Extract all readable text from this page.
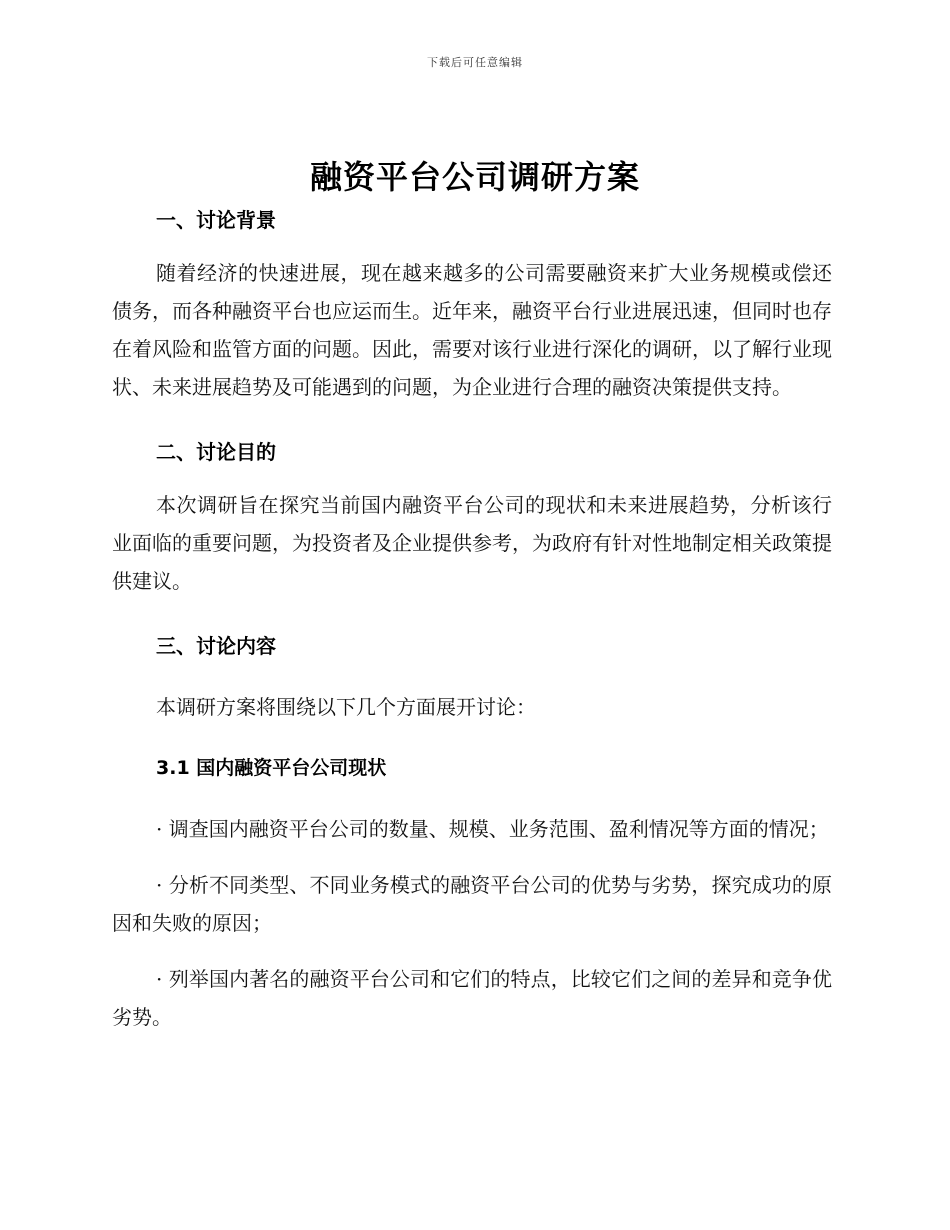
下载后可任意编辑
融资平台公司调研方案
一、讨论背景

随着经济的快速进展，现在越来越多的公司需要融资来扩大业务规模或偿还债务，而各种融资平台也应运而生。近年来，融资平台行业进展迅速，但同时也存在着风险和监管方面的问题。因此，需要对该行业进行深化的调研，以了解行业现状、未来进展趋势及可能遇到的问题，为企业进行合理的融资决策提供支持。

二、讨论目的

本次调研旨在探究当前国内融资平台公司的现状和未来进展趋势，分析该行业面临的重要问题，为投资者及企业提供参考，为政府有针对性地制定相关政策提供建议。

三、讨论内容

本调研方案将围绕以下几个方面展开讨论：

3.1 国内融资平台公司现状

· 调查国内融资平台公司的数量、规模、业务范围、盈利情况等方面的情况；

· 分析不同类型、不同业务模式的融资平台公司的优势与劣势，探究成功的原因和失败的原因；

· 列举国内著名的融资平台公司和它们的特点，比较它们之间的差异和竞争优劣势。
